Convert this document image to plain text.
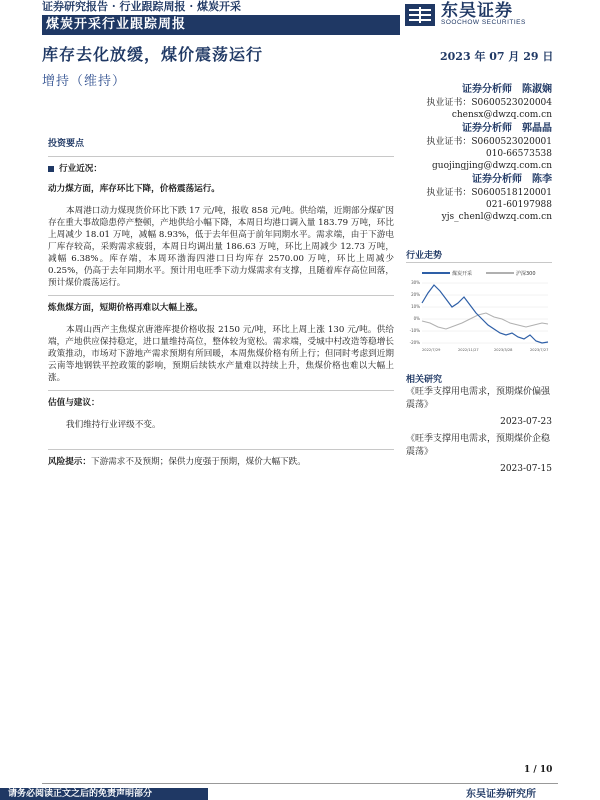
证券研究报告 · 行业跟踪周报 · 煤炭开采
煤炭开采行业跟踪周报
东吴证券
SOOCHOW SECURITIES
库存去化放缓，煤价震荡运行	2023 年 07 月 29 日
增持（维持）
证券分析师 陈淑娴
执业证书：S0600523020004
chensx@dwzq.com.cn
证券分析师 郭晶晶
执业证书：S0600523020001
010-66573538
guojingjing@dwzq.com.cn
证券分析师 陈李
执业证书：S0600518120001
021-60197988
yjs_chenl@dwzq.com.cn
投资要点
行业近况：
动力煤方面，库存环比下降，价格震荡运行。

本周港口动力煤现货价环比下跌 17 元/吨，报收 858 元/吨。供给端，近期部分煤矿因存在重大事故隐患停产整顿，产地供给小幅下降，本周日均港口调入量 183.79 万吨，环比上周减少 18.01 万吨，减幅 8.93%，低于去年但高于前年同期水平。需求端，由于下游电厂库存较高，采购需求疲弱，本周日均调出量 186.63 万吨，环比上周减少 12.73 万吨，减幅 6.38%。库存端，本周环渤海四港口日均库存 2570.00 万吨，环比上周减少 0.25%，仍高于去年同期水平。预计用电旺季下动力煤需求有支撑，且随着库存高位回落，预计煤价震荡运行。

炼焦煤方面，短期价格再难以大幅上涨。

本周山西产主焦煤京唐港库提价格收报 2150 元/吨，环比上周上涨 130 元/吨。供给端，产地供应保持稳定，进口量维持高位，整体较为宽松。需求端，受城中村改造等稳增长政策推动，市场对下游地产需求预期有所回暖，本周焦煤价格有所上行；但同时考虑到近期云南等地钢铁平控政策的影响，预期后续铁水产量难以持续上升，焦煤价格也难以大幅上涨。

估值与建议：

我们维持行业评级不变。

风险提示：下游需求不及预期；保供力度强于预期，煤价大幅下跌。
行业走势
煤炭开采	沪深300
30%
20%
10%
0%
-10%
-20%
2022/7/29	2022/11/27	2023/3/28	2023/7/27
相关研究

《旺季支撑用电需求，预期煤价偏强震荡》

2023-07-23

《旺季支撑用电需求，预期煤价企稳震荡》

2023-07-15

1 / 10
请务必阅读正文之后的免责声明部分	东吴证券研究所
